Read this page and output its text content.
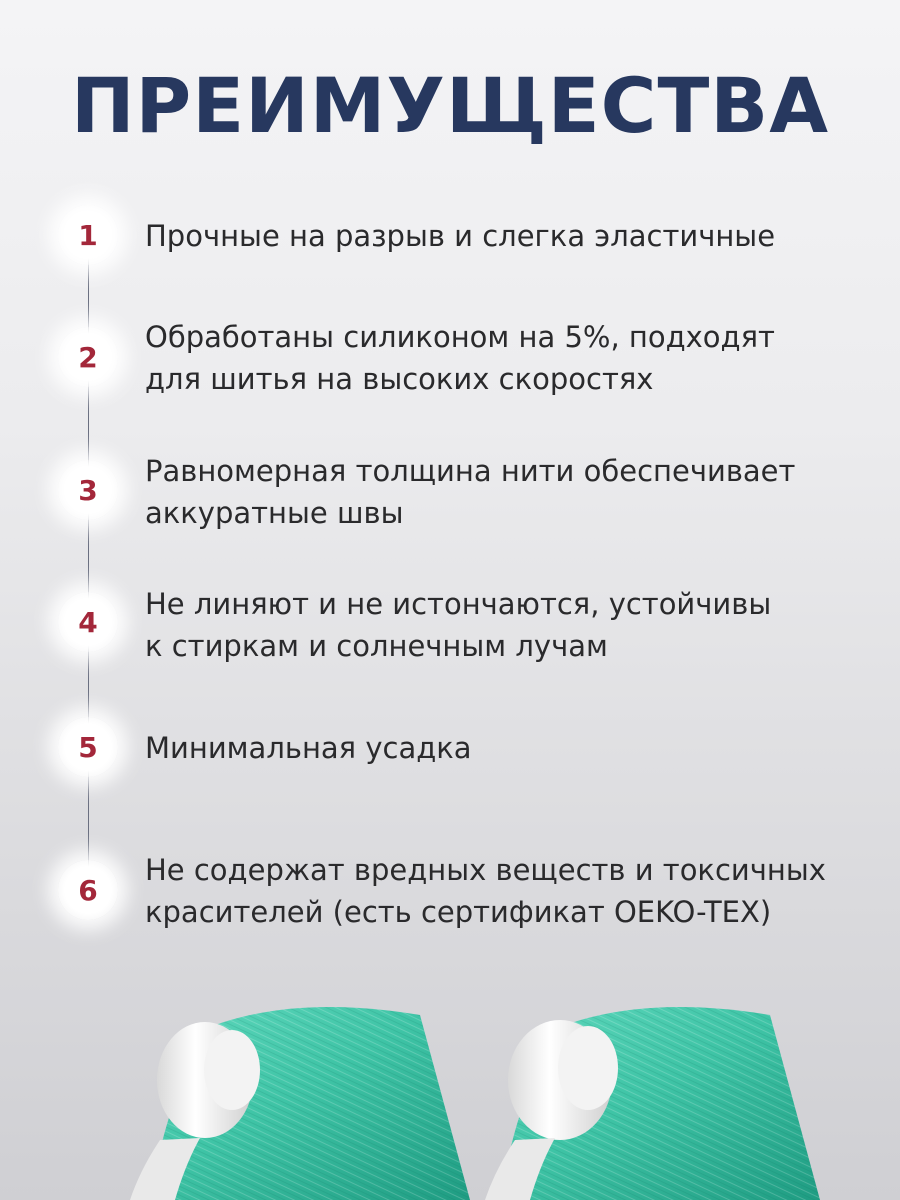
ПРЕИМУЩЕСТВА
1	Прочные на разрыв и слегка эластичные
2
Обработаны силиконом на 5%, подходят
для шитья на высоких скоростях
3
Равномерная толщина нити обеспечивает
аккуратные швы
4
Не линяют и не истончаются, устойчивы
к стиркам и солнечным лучам
5	Минимальная усадка
6
Не содержат вредных веществ и токсичных
красителей (есть сертификат OEKO-TEX)
